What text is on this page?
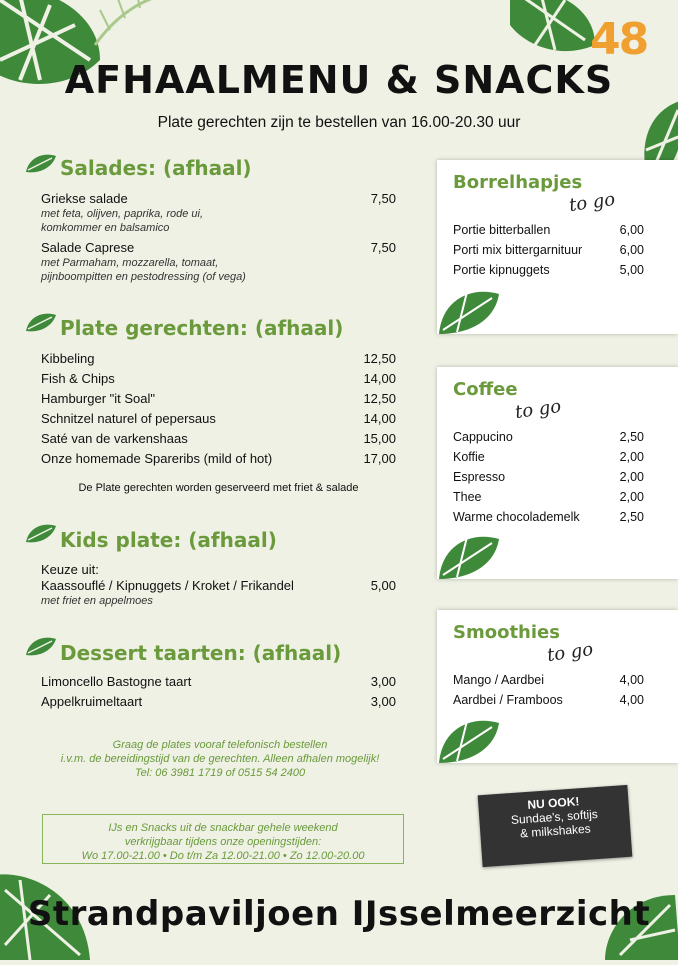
48
AFHAALMENU & SNACKS
Plate gerechten zijn te bestellen van 16.00-20.30 uur
Salades: (afhaal)
Griekse salade	7,50
met feta, olijven, paprika, rode ui,
komkommer en balsamico
Salade Caprese	7,50
met Parmaham, mozzarella, tomaat,
pijnboompitten en pestodressing (of vega)
Plate gerechten: (afhaal)
Kibbeling	12,50
Fish & Chips	14,00
Hamburger "it Soal"	12,50
Schnitzel naturel of pepersaus	14,00
Saté van de varkenshaas	15,00
Onze homemade Spareribs (mild of hot)	17,00
De Plate gerechten worden geserveerd met friet & salade
Kids plate: (afhaal)
Keuze uit:
Kaassouflé / Kipnuggets / Kroket / Frikandel	5,00
met friet en appelmoes
Dessert taarten: (afhaal)
Limoncello Bastogne taart	3,00
Appelkruimeltaart	3,00
Graag de plates vooraf telefonisch bestellen
i.v.m. de bereidingstijd van de gerechten. Alleen afhalen mogelijk!
Tel: 06 3981 1719 of 0515 54 2400
IJs en Snacks uit de snackbar gehele weekend
verkrijgbaar tijdens onze openingstijden:
Wo 17.00-21.00 • Do t/m Za 12.00-21.00 • Zo 12.00-20.00
Borrelhapjes
to go
Portie bitterballen	6,00
Porti mix bittergarnituur	6,00
Portie kipnuggets	5,00
Coffee
to go
Cappucino	2,50
Koffie	2,00
Espresso	2,00
Thee	2,00
Warme chocolademelk	2,50
Smoothies
to go
Mango / Aardbei	4,00
Aardbei / Framboos	4,00
NU OOK!
Sundae's, softijs
& milkshakes
Strandpaviljoen IJsselmeerzicht
